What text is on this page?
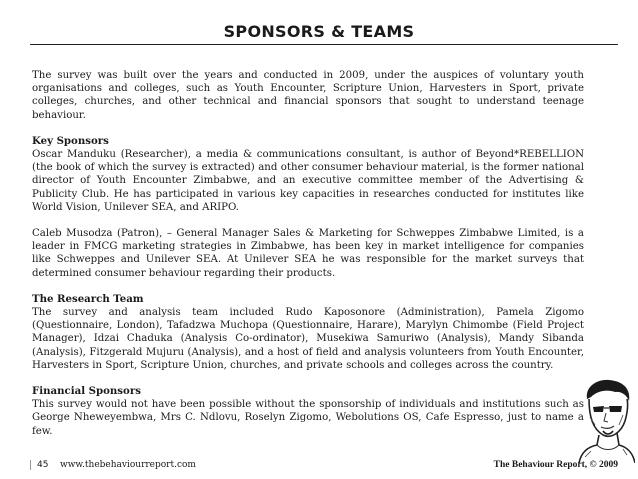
SPONSORS & TEAMS

The survey was built over the years and conducted in 2009, under the auspices of voluntary youth organisations and colleges, such as Youth Encounter, Scripture Union, Harvesters in Sport, private colleges, churches, and other technical and financial sponsors that sought to understand teenage behaviour.

Key Sponsors

Oscar Manduku (Researcher), a media & communications consultant, is author of Beyond*REBELLION (the book of which the survey is extracted) and other consumer behaviour material, is the former national director of Youth Encounter Zimbabwe, and an executive committee member of the Advertising & Publicity Club. He has participated in various key capacities in researches conducted for institutes like World Vision, Unilever SEA, and ARIPO.

Caleb Musodza (Patron), – General Manager Sales & Marketing for Schweppes Zimbabwe Limited, is a leader in FMCG marketing strategies in Zimbabwe, has been key in market intelligence for companies like Schweppes and Unilever SEA. At Unilever SEA he was responsible for the market surveys that determined consumer behaviour regarding their products.

The Research Team

The survey and analysis team included Rudo Kaposonore (Administration), Pamela Zigomo (Questionnaire, London), Tafadzwa Muchopa (Questionnaire, Harare), Marylyn Chimombe (Field Project Manager), Idzai Chaduka (Analysis Co-ordinator), Musekiwa Samuriwo (Analysis), Mandy Sibanda (Analysis), Fitzgerald Mujuru (Analysis), and a host of field and analysis volunteers from Youth Encounter, Harvesters in Sport, Scripture Union, churches, and private schools and colleges across the country.

Financial Sponsors

This survey would not have been possible without the sponsorship of individuals and institutions such as George Nheweyembwa, Mrs C. Ndlovu, Roselyn Zigomo, Webolutions OS, Cafe Espresso, just to name a few.

45 www.thebehaviourreport.com	The Behaviour Report, © 2009
